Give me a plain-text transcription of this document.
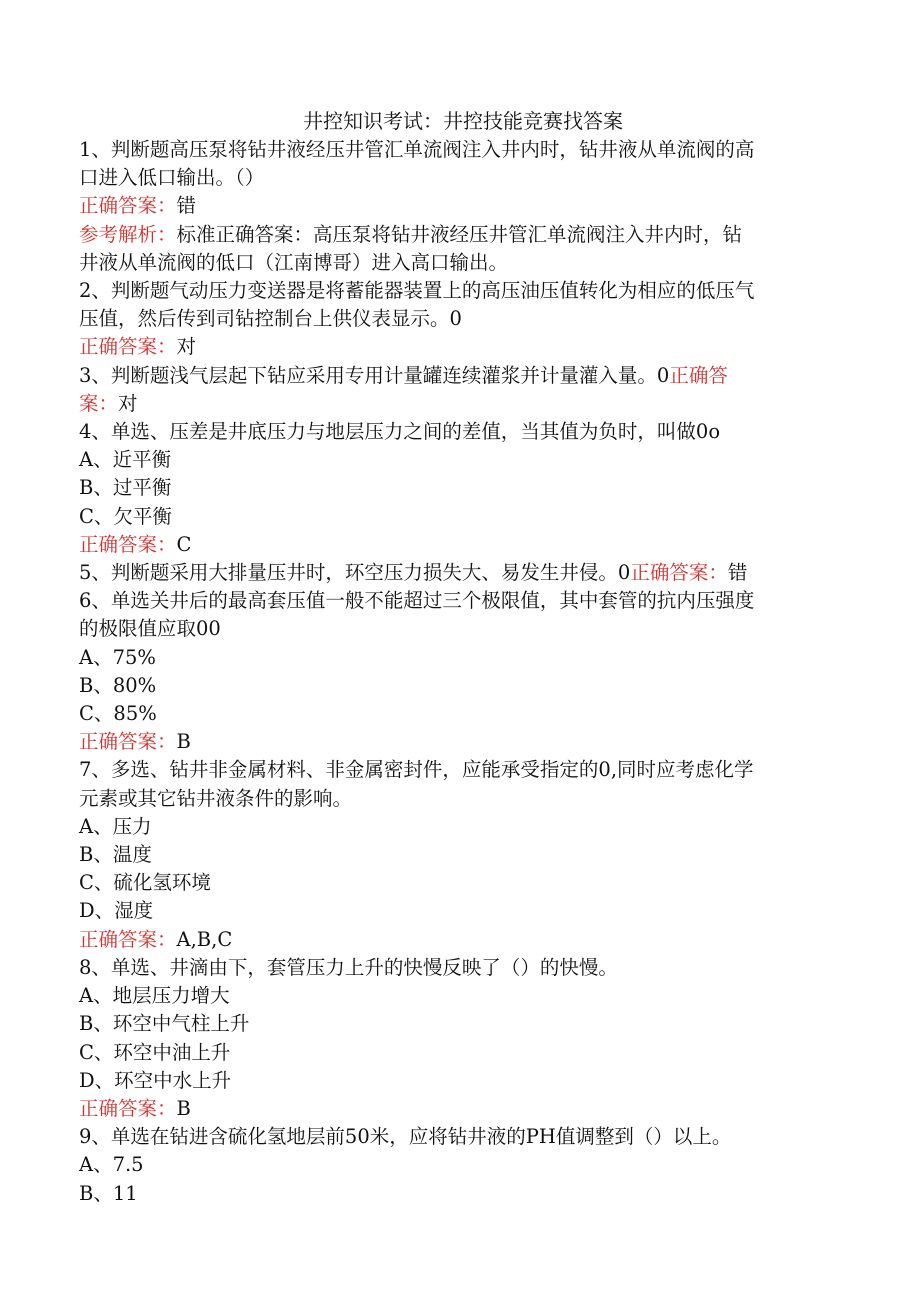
井控知识考试：井控技能竞赛找答案

1、判断题高压泵将钻井液经压井管汇单流阀注入井内时，钻井液从单流阀的高

口进入低口输出。（）

正确答案：错

参考解析：标准正确答案：高压泵将钻井液经压井管汇单流阀注入井内时，钻

井液从单流阀的低口（江南博哥）进入高口输出。

2、判断题气动压力变送器是将蓄能器装置上的高压油压值转化为相应的低压气

压值，然后传到司钻控制台上供仪表显示。0

正确答案：对

3、判断题浅气层起下钻应采用专用计量罐连续灌浆并计量灌入量。0正确答

案：对

4、单选、压差是井底压力与地层压力之间的差值，当其值为负时，叫做0o

A、近平衡

B、过平衡

C、欠平衡

正确答案：C

5、判断题采用大排量压井时，环空压力损失大、易发生井侵。0正确答案：错

6、单选关井后的最高套压值一般不能超过三个极限值，其中套管的抗内压强度

的极限值应取00

A、75%

B、80%

C、85%

正确答案：B

7、多选、钻井非金属材料、非金属密封件，应能承受指定的0,同时应考虑化学

元素或其它钻井液条件的影响。

A、压力

B、温度

C、硫化氢环境

D、湿度

正确答案：A,B,C

8、单选、井滴由下，套管压力上升的快慢反映了（）的快慢。

A、地层压力增大

B、环空中气柱上升

C、环空中油上升

D、环空中水上升

正确答案：B

9、单选在钻进含硫化氢地层前50米，应将钻井液的PH值调整到（）以上。

A、7.5

B、11
